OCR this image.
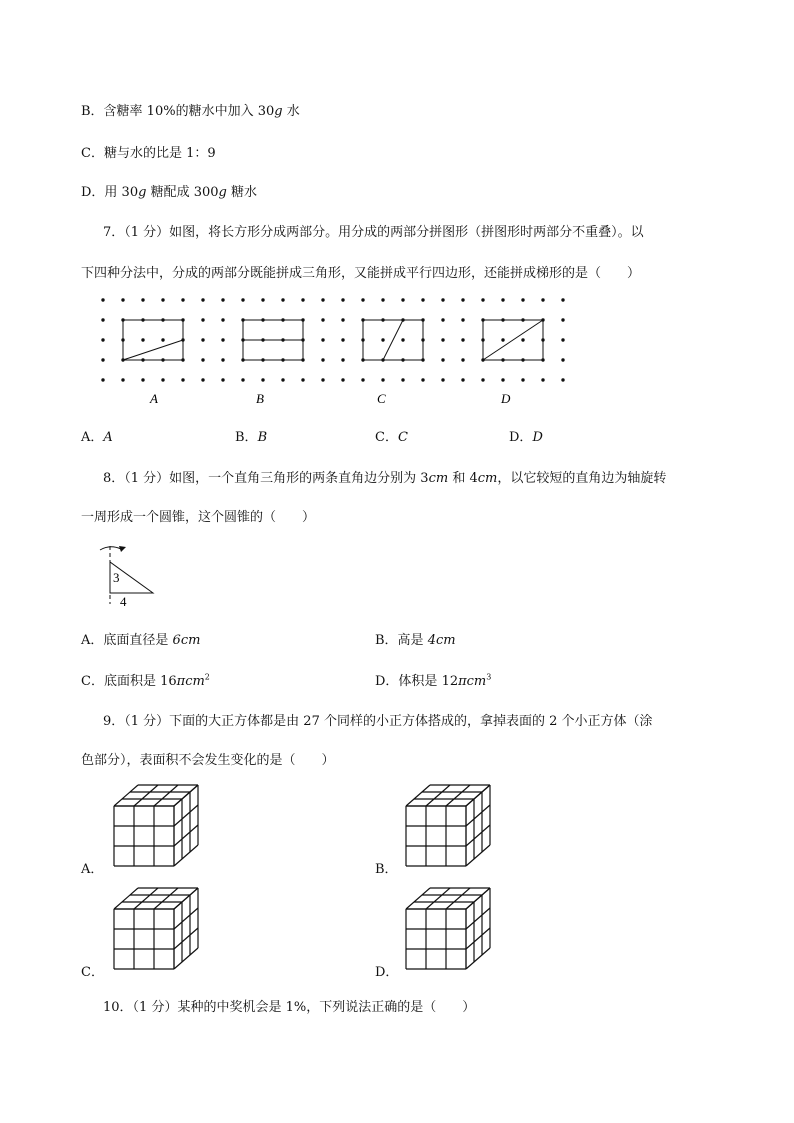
B．含糖率 10%的糖水中加入 30g 水
C．糖与水的比是 1：9
D．用 30g 糖配成 300g 糖水
7．（1 分）如图，将长方形分成两部分。用分成的两部分拼图形（拼图形时两部分不重叠）。以
下四种分法中，分成的两部分既能拼成三角形，又能拼成平行四边形，还能拼成梯形的是（　　）
A	B	C	D
A．A	B．B	C．C	D．D
8．（1 分）如图，一个直角三角形的两条直角边分别为 3cm 和 4cm，以它较短的直角边为轴旋转
一周形成一个圆锥，这个圆锥的（　　）
3
4
A．底面直径是 6cm	B．高是 4cm
C．底面积是 16πcm$^2$	D．体积是 12πcm$^3$
9．（1 分）下面的大正方体都是由 27 个同样的小正方体搭成的，拿掉表面的 2 个小正方体（涂
色部分），表面积不会发生变化的是（　　）
A．	B．
C．	D．
10．（1 分）某种的中奖机会是 1%，下列说法正确的是（　　）
